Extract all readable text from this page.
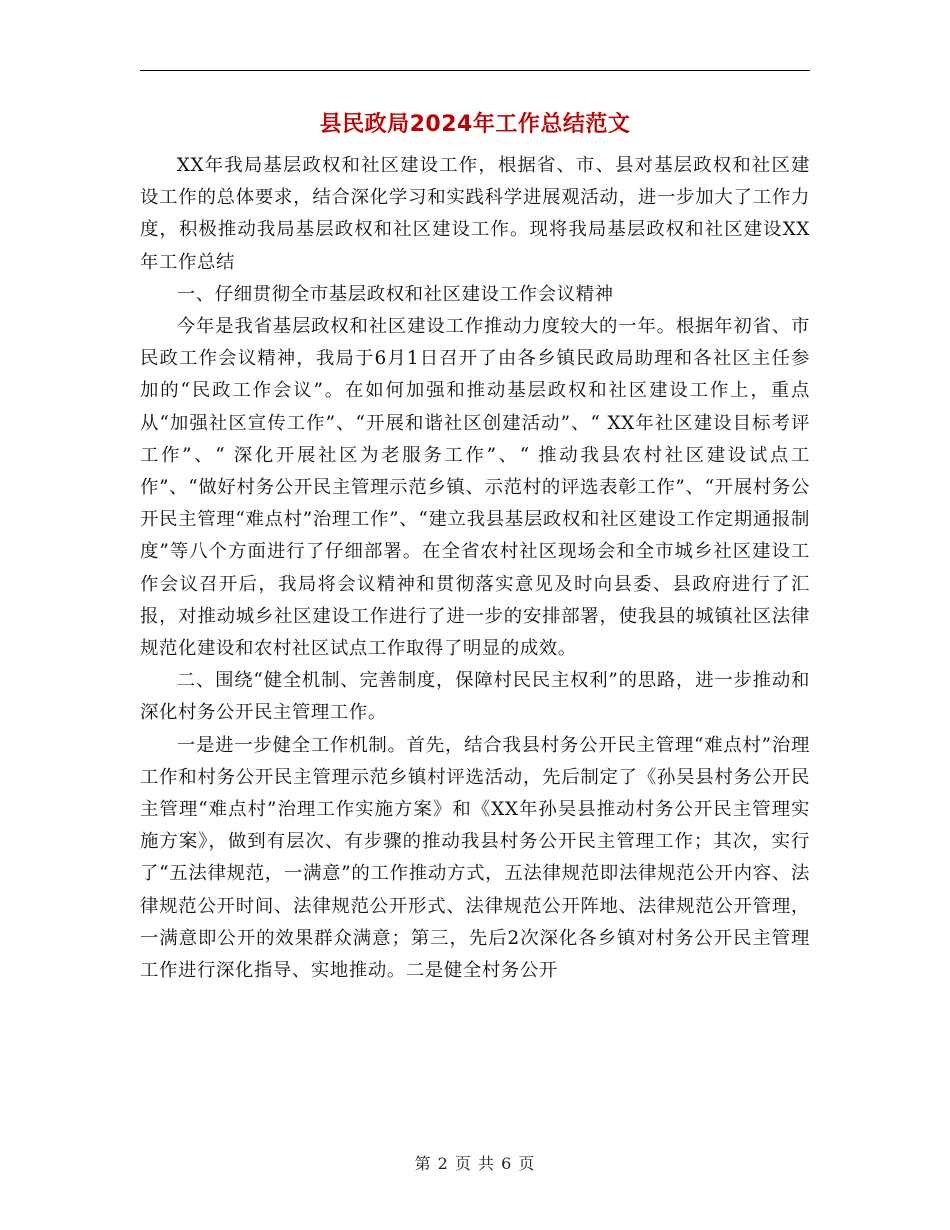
县民政局2024年工作总结范文

XX年我局基层政权和社区建设工作，根据省、市、县对基层政权和社区建设工作的总体要求，结合深化学习和实践科学进展观活动，进一步加大了工作力度，积极推动我局基层政权和社区建设工作。现将我局基层政权和社区建设XX年工作总结

一、仔细贯彻全市基层政权和社区建设工作会议精神

今年是我省基层政权和社区建设工作推动力度较大的一年。根据年初省、市民政工作会议精神，我局于6月1日召开了由各乡镇民政局助理和各社区主任参加的“民政工作会议”。在如何加强和推动基层政权和社区建设工作上，重点从“加强社区宣传工作”、“开展和谐社区创建活动”、“ XX年社区建设目标考评工作”、“ 深化开展社区为老服务工作”、“ 推动我县农村社区建设试点工作”、“做好村务公开民主管理示范乡镇、示范村的评选表彰工作”、“开展村务公开民主管理“难点村”治理工作”、“建立我县基层政权和社区建设工作定期通报制度”等八个方面进行了仔细部署。在全省农村社区现场会和全市城乡社区建设工作会议召开后，我局将会议精神和贯彻落实意见及时向县委、县政府进行了汇报，对推动城乡社区建设工作进行了进一步的安排部署，使我县的城镇社区法律规范化建设和农村社区试点工作取得了明显的成效。

二、围绕“健全机制、完善制度，保障村民民主权利”的思路，进一步推动和深化村务公开民主管理工作。

一是进一步健全工作机制。首先，结合我县村务公开民主管理“难点村”治理工作和村务公开民主管理示范乡镇村评选活动，先后制定了《孙吴县村务公开民主管理“难点村”治理工作实施方案》和《XX年孙吴县推动村务公开民主管理实施方案》，做到有层次、有步骤的推动我县村务公开民主管理工作；其次，实行了“五法律规范，一满意”的工作推动方式，五法律规范即法律规范公开内容、法律规范公开时间、法律规范公开形式、法律规范公开阵地、法律规范公开管理，一满意即公开的效果群众满意；第三，先后2次深化各乡镇对村务公开民主管理工作进行深化指导、实地推动。二是健全村务公开

第 2 页 共 6 页
